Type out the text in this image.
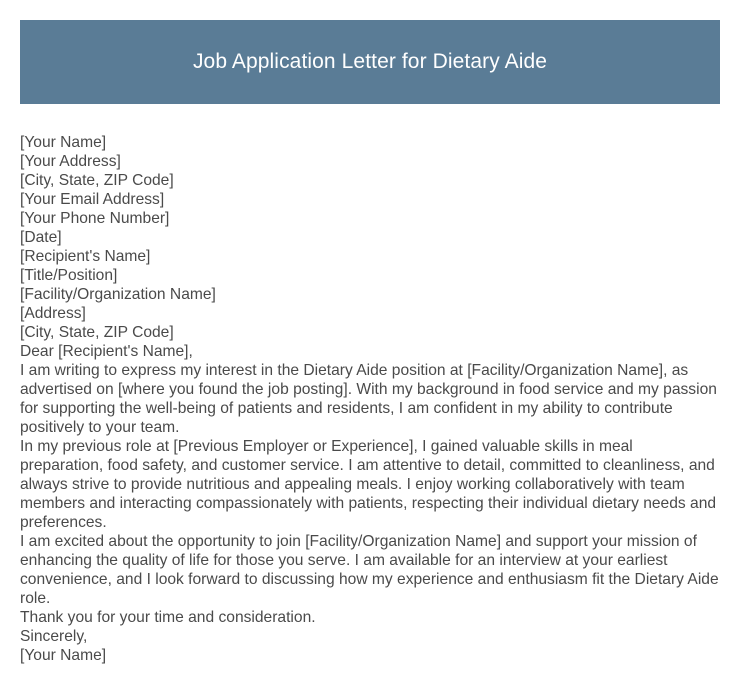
Job Application Letter for Dietary Aide
[Your Name]
[Your Address]
[City, State, ZIP Code]
[Your Email Address]
[Your Phone Number]
[Date]
[Recipient's Name]
[Title/Position]
[Facility/Organization Name]
[Address]
[City, State, ZIP Code]
Dear [Recipient's Name],

I am writing to express my interest in the Dietary Aide position at [Facility/Organization Name], as advertised on [where you found the job posting]. With my background in food service and my passion for supporting the well-being of patients and residents, I am confident in my ability to contribute positively to your team.

In my previous role at [Previous Employer or Experience], I gained valuable skills in meal preparation, food safety, and customer service. I am attentive to detail, committed to cleanliness, and always strive to provide nutritious and appealing meals. I enjoy working collaboratively with team members and interacting compassionately with patients, respecting their individual dietary needs and preferences.

I am excited about the opportunity to join [Facility/Organization Name] and support your mission of enhancing the quality of life for those you serve. I am available for an interview at your earliest convenience, and I look forward to discussing how my experience and enthusiasm fit the Dietary Aide role.

Thank you for your time and consideration.

Sincerely,
[Your Name]
